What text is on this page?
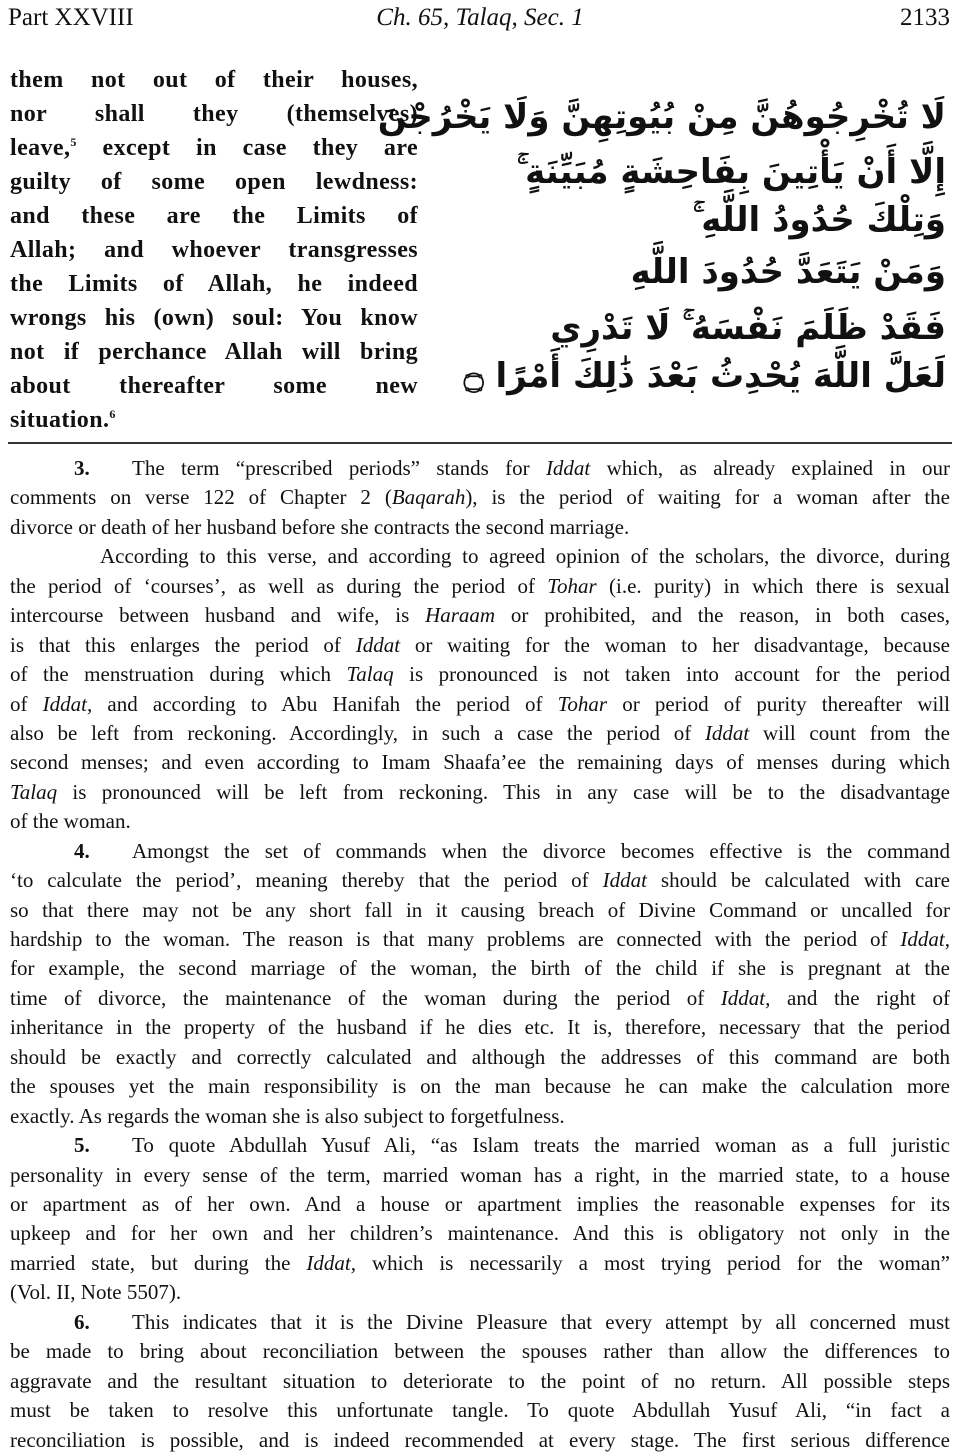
Part XXVIII	Ch. 65, Talaq, Sec. 1	2133
them not out of their houses,
nor shall they (themselves)
leave,$^5$ except in case they are
guilty of some open lewdness:
and these are the Limits of
Allah; and whoever transgresses
the Limits of Allah, he indeed
wrongs his (own) soul: You know
not if perchance Allah will bring
about thereafter some new
situation.$^6$
لَا تُخْرِجُوهُنَّ مِنْ بُيُوتِهِنَّ وَلَا يَخْرُجْنَ
إِلَّا أَنْ يَأْتِينَ بِفَاحِشَةٍ مُبَيِّنَةٍ ۚ
وَتِلْكَ حُدُودُ اللَّهِ ۚ
وَمَنْ يَتَعَدَّ حُدُودَ اللَّهِ
فَقَدْ ظَلَمَ نَفْسَهُ ۚ لَا تَدْرِي
لَعَلَّ اللَّهَ يُحْدِثُ بَعْدَ ذَٰلِكَ أَمْرًا ۝
3. The term “prescribed periods” stands for Iddat which, as already explained in our
comments on verse 122 of Chapter 2 (Baqarah), is the period of waiting for a woman after the
divorce or death of her husband before she contracts the second marriage.
According to this verse, and according to agreed opinion of the scholars, the divorce, during
the period of ‘courses’, as well as during the period of Tohar (i.e. purity) in which there is sexual
intercourse between husband and wife, is Haraam or prohibited, and the reason, in both cases,
is that this enlarges the period of Iddat or waiting for the woman to her disadvantage, because
of the menstruation during which Talaq is pronounced is not taken into account for the period
of Iddat, and according to Abu Hanifah the period of Tohar or period of purity thereafter will
also be left from reckoning. Accordingly, in such a case the period of Iddat will count from the
second menses; and even according to Imam Shaafa’ee the remaining days of menses during which
Talaq is pronounced will be left from reckoning. This in any case will be to the disadvantage
of the woman.
4. Amongst the set of commands when the divorce becomes effective is the command
‘to calculate the period’, meaning thereby that the period of Iddat should be calculated with care
so that there may not be any short fall in it causing breach of Divine Command or uncalled for
hardship to the woman. The reason is that many problems are connected with the period of Iddat,
for example, the second marriage of the woman, the birth of the child if she is pregnant at the
time of divorce, the maintenance of the woman during the period of Iddat, and the right of
inheritance in the property of the husband if he dies etc. It is, therefore, necessary that the period
should be exactly and correctly calculated and although the addresses of this command are both
the spouses yet the main responsibility is on the man because he can make the calculation more
exactly. As regards the woman she is also subject to forgetfulness.
5. To quote Abdullah Yusuf Ali, “as Islam treats the married woman as a full juristic
personality in every sense of the term, married woman has a right, in the married state, to a house
or apartment as of her own. And a house or apartment implies the reasonable expenses for its
upkeep and for her own and her children’s maintenance. And this is obligatory not only in the
married state, but during the Iddat, which is necessarily a most trying period for the woman”
(Vol. II, Note 5507).
6. This indicates that it is the Divine Pleasure that every attempt by all concerned must
be made to bring about reconciliation between the spouses rather than allow the differences to
aggravate and the resultant situation to deteriorate to the point of no return. All possible steps
must be taken to resolve this unfortunate tangle. To quote Abdullah Yusuf Ali, “in fact a
reconciliation is possible, and is indeed recommended at every stage. The first serious difference
